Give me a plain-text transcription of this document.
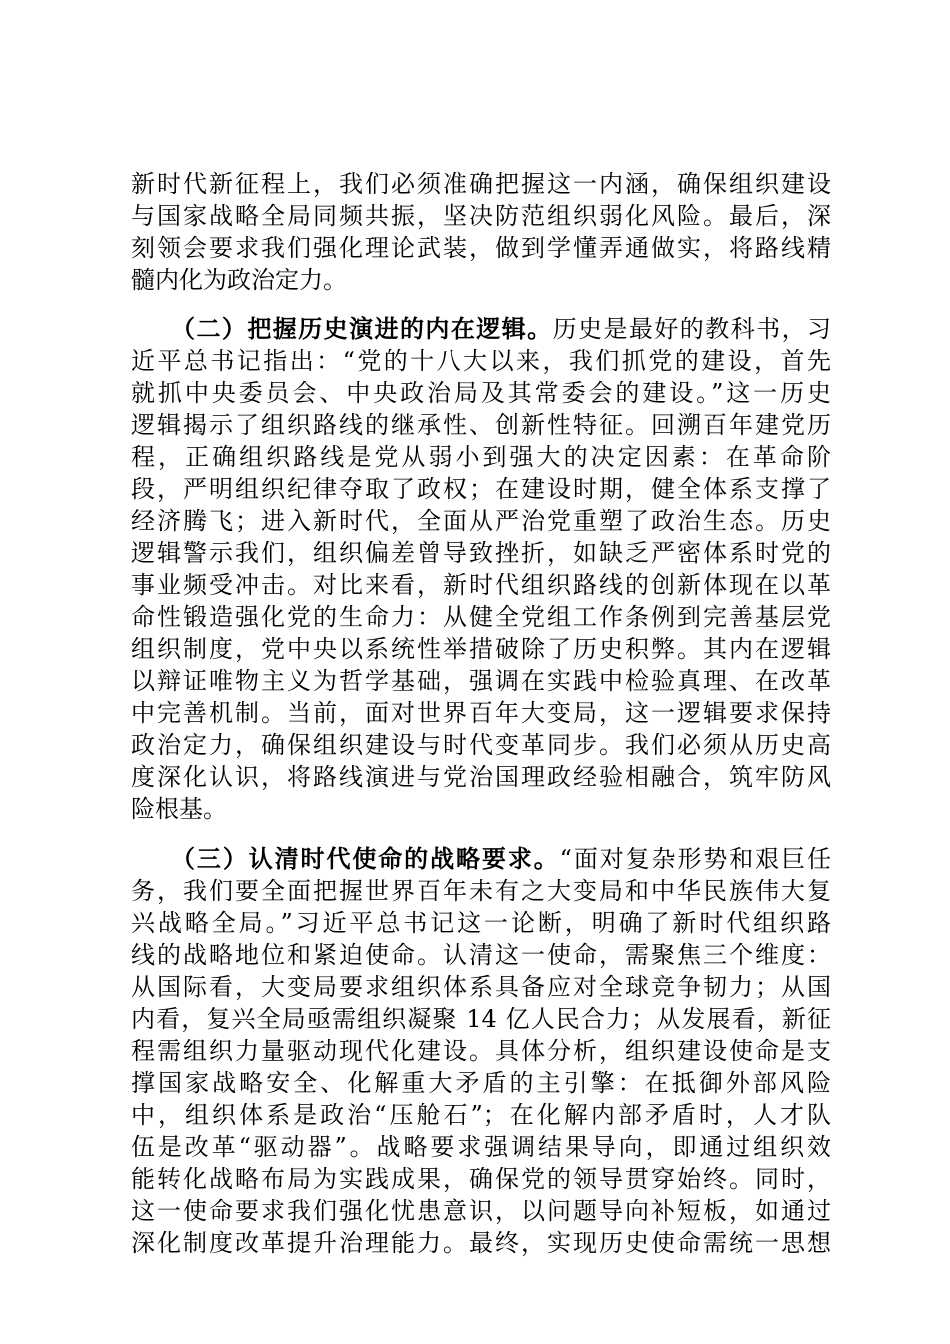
新时代新征程上，我们必须准确把握这一内涵，确保组织建设
与国家战略全局同频共振，坚决防范组织弱化风险。最后，深
刻领会要求我们强化理论武装，做到学懂弄通做实，将路线精
髓内化为政治定力。
（二）把握历史演进的内在逻辑。历史是最好的教科书，习
近平总书记指出：“党的十八大以来，我们抓党的建设，首先
就抓中央委员会、中央政治局及其常委会的建设。”这一历史
逻辑揭示了组织路线的继承性、创新性特征。回溯百年建党历
程，正确组织路线是党从弱小到强大的决定因素：在革命阶
段，严明组织纪律夺取了政权；在建设时期，健全体系支撑了
经济腾飞；进入新时代，全面从严治党重塑了政治生态。历史
逻辑警示我们，组织偏差曾导致挫折，如缺乏严密体系时党的
事业频受冲击。对比来看，新时代组织路线的创新体现在以革
命性锻造强化党的生命力：从健全党组工作条例到完善基层党
组织制度，党中央以系统性举措破除了历史积弊。其内在逻辑
以辩证唯物主义为哲学基础，强调在实践中检验真理、在改革
中完善机制。当前，面对世界百年大变局，这一逻辑要求保持
政治定力，确保组织建设与时代变革同步。我们必须从历史高
度深化认识，将路线演进与党治国理政经验相融合，筑牢防风
险根基。
（三）认清时代使命的战略要求。“面对复杂形势和艰巨任
务，我们要全面把握世界百年未有之大变局和中华民族伟大复
兴战略全局。”习近平总书记这一论断，明确了新时代组织路
线的战略地位和紧迫使命。认清这一使命，需聚焦三个维度：
从国际看，大变局要求组织体系具备应对全球竞争韧力；从国
内看，复兴全局亟需组织凝聚 14 亿人民合力；从发展看，新征
程需组织力量驱动现代化建设。具体分析，组织建设使命是支
撑国家战略安全、化解重大矛盾的主引擎：在抵御外部风险
中，组织体系是政治“压舱石”；在化解内部矛盾时，人才队
伍是改革“驱动器”。战略要求强调结果导向，即通过组织效
能转化战略布局为实践成果，确保党的领导贯穿始终。同时，
这一使命要求我们强化忧患意识，以问题导向补短板，如通过
深化制度改革提升治理能力。最终，实现历史使命需统一思想
